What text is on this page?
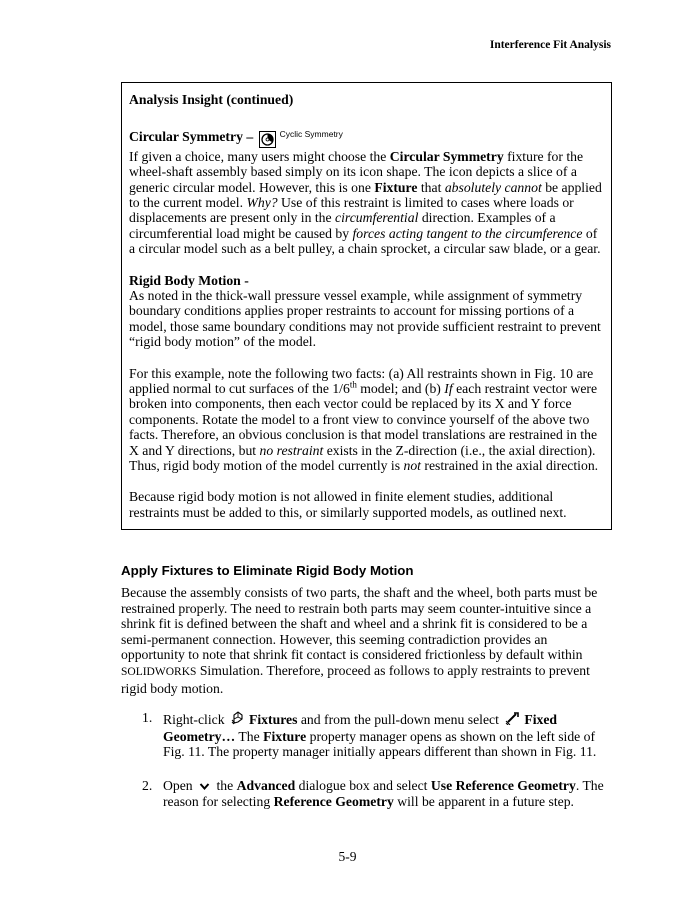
Interference Fit Analysis

Analysis Insight (continued)

Circular Symmetry –	$^{Cyclic Symmetry}$
If given a choice, many users might choose the Circular Symmetry fixture for the wheel-shaft assembly based simply on its icon shape. The icon depicts a slice of a generic circular model. However, this is one Fixture that absolutely cannot be applied to the current model. Why? Use of this restraint is limited to cases where loads or displacements are present only in the circumferential direction. Examples of a circumferential load might be caused by forces acting tangent to the circumference of a circular model such as a belt pulley, a chain sprocket, a circular saw blade, or a gear.

Rigid Body Motion -

As noted in the thick-wall pressure vessel example, while assignment of symmetry boundary conditions applies proper restraints to account for missing portions of a model, those same boundary conditions may not provide sufficient restraint to prevent “rigid body motion” of the model.

For this example, note the following two facts: (a) All restraints shown in Fig. 10 are applied normal to cut surfaces of the 1/6th model; and (b) If each restraint vector were broken into components, then each vector could be replaced by its X and Y force components. Rotate the model to a front view to convince yourself of the above two facts. Therefore, an obvious conclusion is that model translations are restrained in the X and Y directions, but no restraint exists in the Z-direction (i.e., the axial direction). Thus, rigid body motion of the model currently is not restrained in the axial direction.

Because rigid body motion is not allowed in finite element studies, additional restraints must be added to this, or similarly supported models, as outlined next.

Apply Fixtures to Eliminate Rigid Body Motion

Because the assembly consists of two parts, the shaft and the wheel, both parts must be restrained properly. The need to restrain both parts may seem counter-intuitive since a shrink fit is defined between the shaft and wheel and a shrink fit is considered to be a semi-permanent connection. However, this seeming contradiction provides an opportunity to note that shrink fit contact is considered frictionless by default within SOLIDWORKS Simulation. Therefore, proceed as follows to apply restraints to prevent rigid body motion.

1. Right-click Fixtures and from the pull-down menu select Fixed Geometry… The Fixture property manager opens as shown on the left side of Fig. 11. The property manager initially appears different than shown in Fig. 11.
2. Open  the Advanced dialogue box and select Use Reference Geometry. The reason for selecting Reference Geometry will be apparent in a future step.
5-9
